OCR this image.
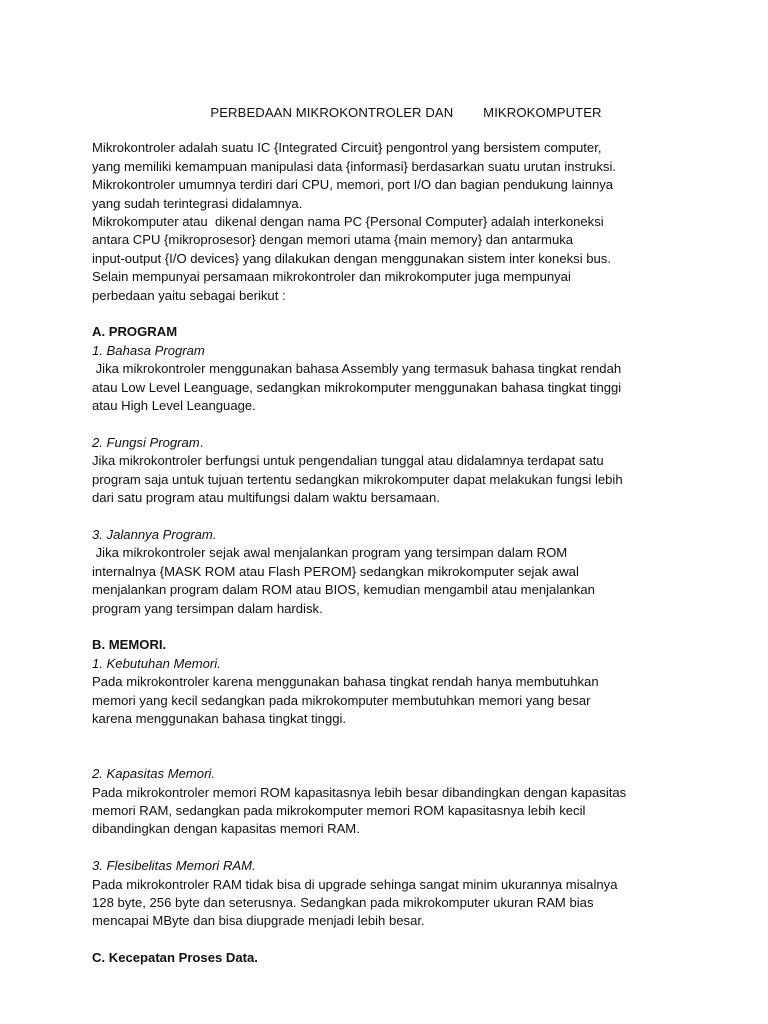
PERBEDAAN MIKROKONTROLER DAN        MIKROKOMPUTER
Mikrokontroler adalah suatu IC {Integrated Circuit} pengontrol yang bersistem computer,
yang memiliki kemampuan manipulasi data {informasi} berdasarkan suatu urutan instruksi.
Mikrokontroler umumnya terdiri dari CPU, memori, port I/O dan bagian pendukung lainnya
yang sudah terintegrasi didalamnya.
Mikrokomputer atau  dikenal dengan nama PC {Personal Computer} adalah interkoneksi
antara CPU {mikroprosesor} dengan memori utama {main memory} dan antarmuka
input-output {I/O devices} yang dilakukan dengan menggunakan sistem inter koneksi bus.
Selain mempunyai persamaan mikrokontroler dan mikrokomputer juga mempunyai
perbedaan yaitu sebagai berikut :
A. PROGRAM
1. Bahasa Program
Jika mikrokontroler menggunakan bahasa Assembly yang termasuk bahasa tingkat rendah
atau Low Level Leanguage, sedangkan mikrokomputer menggunakan bahasa tingkat tinggi
atau High Level Leanguage.
2. Fungsi Program.
Jika mikrokontroler berfungsi untuk pengendalian tunggal atau didalamnya terdapat satu
program saja untuk tujuan tertentu sedangkan mikrokomputer dapat melakukan fungsi lebih
dari satu program atau multifungsi dalam waktu bersamaan.
3. Jalannya Program.
Jika mikrokontroler sejak awal menjalankan program yang tersimpan dalam ROM
internalnya {MASK ROM atau Flash PEROM} sedangkan mikrokomputer sejak awal
menjalankan program dalam ROM atau BIOS, kemudian mengambil atau menjalankan
program yang tersimpan dalam hardisk.
B. MEMORI.
1. Kebutuhan Memori.
Pada mikrokontroler karena menggunakan bahasa tingkat rendah hanya membutuhkan
memori yang kecil sedangkan pada mikrokomputer membutuhkan memori yang besar
karena menggunakan bahasa tingkat tinggi.
2. Kapasitas Memori.
Pada mikrokontroler memori ROM kapasitasnya lebih besar dibandingkan dengan kapasitas
memori RAM, sedangkan pada mikrokomputer memori ROM kapasitasnya lebih kecil
dibandingkan dengan kapasitas memori RAM.
3. Flesibelitas Memori RAM.
Pada mikrokontroler RAM tidak bisa di upgrade sehinga sangat minim ukurannya misalnya
128 byte, 256 byte dan seterusnya. Sedangkan pada mikrokomputer ukuran RAM bias
mencapai MByte dan bisa diupgrade menjadi lebih besar.
C. Kecepatan Proses Data.
